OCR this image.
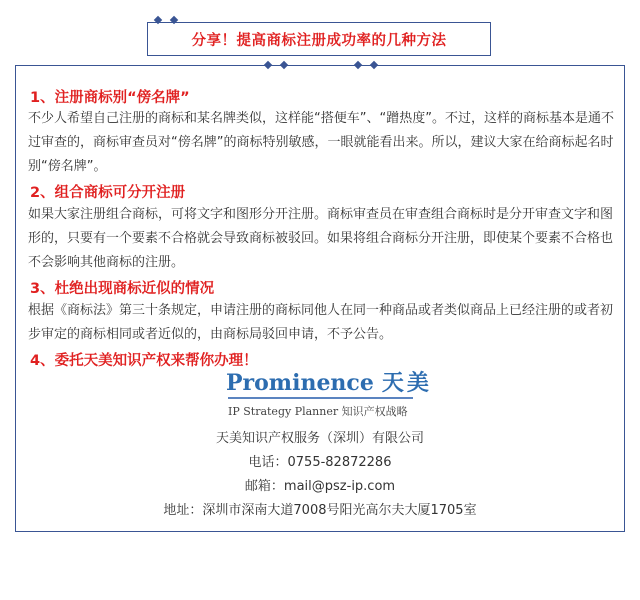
分享！提高商标注册成功率的几种方法
1、注册商标别“傍名牌”

不少人希望自己注册的商标和某名牌类似，这样能“搭便车”、“蹭热度”。不过，这样的商标基本是通不过审查的，商标审查员对“傍名牌”的商标特别敏感，一眼就能看出来。所以，建议大家在给商标起名时别“傍名牌”。

2、组合商标可分开注册

如果大家注册组合商标，可将文字和图形分开注册。商标审查员在审查组合商标时是分开审查文字和图形的，只要有一个要素不合格就会导致商标被驳回。如果将组合商标分开注册，即使某个要素不合格也不会影响其他商标的注册。

3、杜绝出现商标近似的情况

根据《商标法》第三十条规定，申请注册的商标同他人在同一种商品或者类似商品上已经注册的或者初步审定的商标相同或者近似的，由商标局驳回申请，不予公告。

4、委托天美知识产权来帮你办理！
Prominence 天美
IP Strategy Planner 知识产权战略
天美知识产权服务（深圳）有限公司
电话：0755-82872286
邮箱：mail@psz-ip.com
地址：深圳市深南大道7008号阳光高尔夫大厦1705室
